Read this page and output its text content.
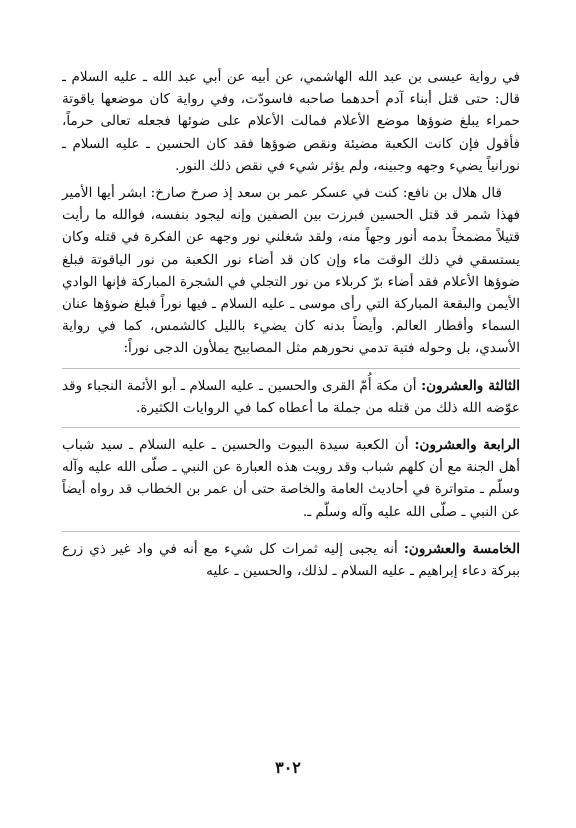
في رواية عيسى بن عبد الله الهاشمي، عن أبيه عن أبي عبد الله ـ عليه السلام ـ قال: حتى قتل أبناء آدم أحدهما صاحبه فاسودّت، وفي رواية كان موضعها ياقوتة حمراء يبلغ ضوؤها موضع الأعلام فمالت الأعلام على ضوئها فجعله تعالى حرماً، فأقول فإن كانت الكعبة مضيئة ونقص ضوؤها فقد كان الحسين ـ عليه السلام ـ نورانياً يضيء وجهه وجبينه، ولم يؤثر شيء في نقص ذلك النور.

قال هلال بن نافع: كنت في عسكر عمر بن سعد إذ صرخ صارخ: ابشر أيها الأمير فهذا شمر قد قتل الحسين فبرزت بين الصفين وإنه ليجود بنفسه، فوالله ما رأيت قتيلاً مضمخاً بدمه أنور وجهاً منه، ولقد شغلني نور وجهه عن الفكرة في قتله وكان يستسقي في ذلك الوقت ماء وإن كان قد أضاء نور الكعبة من نور الياقوتة فبلغ ضوؤها الأعلام فقد أضاء برّ كربلاء من نور التجلي في الشجرة المباركة فإنها الوادي الأيمن والبقعة المباركة التي رأى موسى ـ عليه السلام ـ فيها نوراً فبلغ ضوؤها عنان السماء وأقطار العالم. وأيضاً بدنه كان يضيء بالليل كالشمس، كما في رواية الأسدي، بل وحوله فتية تدمي نحورهم مثل المصابيح يملأون الدجى نوراً:

الثالثة والعشرون: أن مكة أُمّ القرى والحسين ـ عليه السلام ـ أبو الأئمة النجباء وقد عوّضه الله ذلك من قتله من جملة ما أعطاه كما في الروايات الكثيرة.

الرابعة والعشرون: أن الكعبة سيدة البيوت والحسين ـ عليه السلام ـ سيد شباب أهل الجنة مع أن كلهم شباب وقد رويت هذه العبارة عن النبي ـ صلّى الله عليه وآله وسلّم ـ متواترة في أحاديث العامة والخاصة حتى أن عمر بن الخطاب قد رواه أيضاً عن النبي ـ صلّى الله عليه وآله وسلّم ـ.

الخامسة والعشرون: أنه يجبى إليه ثمرات كل شيء مع أنه في واد غير ذي زرع ببركة دعاء إبراهيم ـ عليه السلام ـ لذلك، والحسين ـ عليه

٣٠٢
